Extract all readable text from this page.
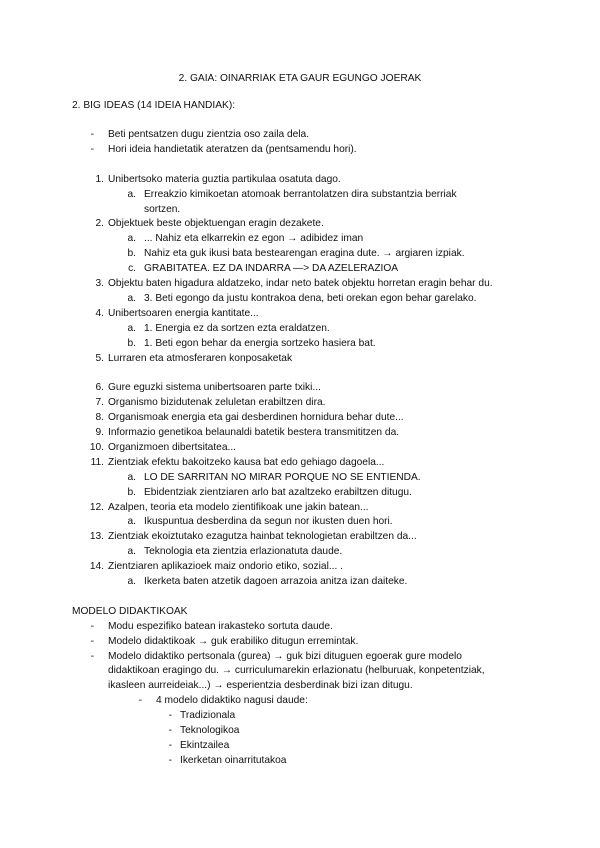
2. GAIA: OINARRIAK ETA GAUR EGUNGO JOERAK
2. BIG IDEAS (14 IDEIA HANDIAK):
- Beti pentsatzen dugu zientzia oso zaila dela.
- Hori ideia handietatik ateratzen da (pentsamendu hori).
1. Unibertsoko materia guztia partikulaa osatuta dago.
a. Erreakzio kimikoetan atomoak berrantolatzen dira substantzia berriak
sortzen.
2. Objektuek beste objektuengan eragin dezakete.
a. ... Nahiz eta elkarrekin ez egon → adibidez iman
b. Nahiz eta guk ikusi bata bestearengan eragina dute. → argiaren izpiak.
c. GRABITATEA. EZ DA INDARRA —> DA AZELERAZIOA
3. Objektu baten higadura aldatzeko, indar neto batek objektu horretan eragin behar du.
a. 3. Beti egongo da justu kontrakoa dena, beti orekan egon behar garelako.
4. Unibertsoaren energia kantitate...
a. 1. Energia ez da sortzen ezta eraldatzen.
b. 1. Beti egon behar da energia sortzeko hasiera bat.
5. Lurraren eta atmosferaren konposaketak
6. Gure eguzki sistema unibertsoaren parte txiki...
7. Organismo bizidutenak zeluletan erabiltzen dira.
8. Organismoak energia eta gai desberdinen hornidura behar dute...
9. Informazio genetikoa belaunaldi batetik bestera transmititzen da.
10. Organizmoen dibertsitatea...
11. Zientziak efektu bakoitzeko kausa bat edo gehiago dagoela...
a. LO DE SARRITAN NO MIRAR PORQUE NO SE ENTIENDA.
b. Ebidentziak zientziaren arlo bat azaltzeko erabiltzen ditugu.
12. Azalpen, teoria eta modelo zientifikoak une jakin batean...
a. Ikuspuntua desberdina da segun nor ikusten duen hori.
13. Zientziak ekoiztutako ezagutza hainbat teknologietan erabiltzen da...
a. Teknologia eta zientzia erlazionatuta daude.
14. Zientziaren aplikazioek maiz ondorio etiko, sozial... .
a. Ikerketa baten atzetik dagoen arrazoia anitza izan daiteke.
MODELO DIDAKTIKOAK
- Modu espezifiko batean irakasteko sortuta daude.
- Modelo didaktikoak → guk erabiliko ditugun erremintak.
- Modelo didaktiko pertsonala (gurea) → guk bizi dituguen egoerak gure modelo
didaktikoan eragingo du. → curriculumarekin erlazionatu (helburuak, konpetentziak,
ikasleen aurreideiak...) → esperientzia desberdinak bizi izan ditugu.
- 4 modelo didaktiko nagusi daude:
- Tradizionala
- Teknologikoa
- Ekintzailea
- Ikerketan oinarritutakoa
